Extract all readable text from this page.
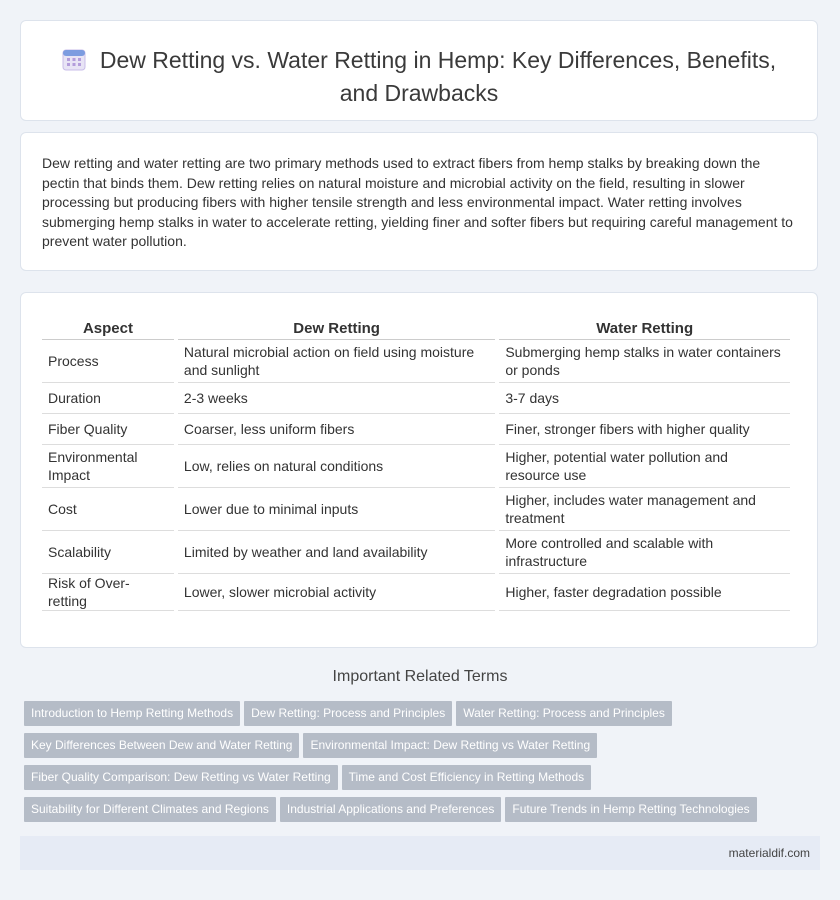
Dew Retting vs. Water Retting in Hemp: Key Differences, Benefits,
and Drawbacks

Dew retting and water retting are two primary methods used to extract fibers from hemp stalks by breaking down the pectin that binds them. Dew retting relies on natural moisture and microbial activity on the field, resulting in slower processing but producing fibers with higher tensile strength and less environmental impact. Water retting involves submerging hemp stalks in water to accelerate retting, yielding finer and softer fibers but requiring careful management to prevent water pollution.

Aspect	Dew Retting	Water Retting
Process	Natural microbial action on field using moisture and sunlight	Submerging hemp stalks in water containers or ponds
Duration	2-3 weeks	3-7 days
Fiber Quality	Coarser, less uniform fibers	Finer, stronger fibers with higher quality
Environmental Impact	Low, relies on natural conditions	Higher, potential water pollution and resource use
Cost	Lower due to minimal inputs	Higher, includes water management and treatment
Scalability	Limited by weather and land availability	More controlled and scalable with infrastructure
Risk of Over-retting	Lower, slower microbial activity	Higher, faster degradation possible
Important Related Terms
Introduction to Hemp Retting Methods Dew Retting: Process and Principles Water Retting: Process and Principles
Key Differences Between Dew and Water Retting Environmental Impact: Dew Retting vs Water Retting
Fiber Quality Comparison: Dew Retting vs Water Retting Time and Cost Efficiency in Retting Methods
Suitability for Different Climates and Regions Industrial Applications and Preferences Future Trends in Hemp Retting Technologies
materialdif.com
